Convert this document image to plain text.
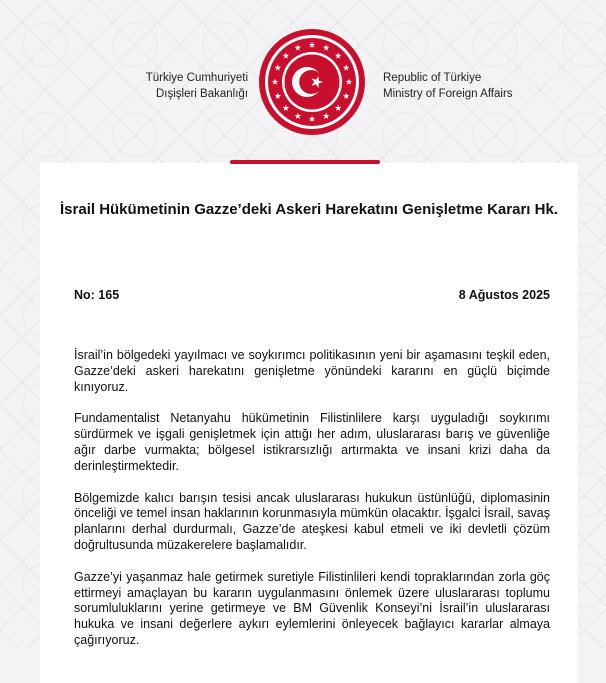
Türkiye Cumhuriyeti
Dışişleri Bakanlığı
Republic of Türkiye
Ministry of Foreign Affairs
İsrail Hükümetinin Gazze’deki Askeri Harekatını Genişletme Kararı Hk.
No: 165	8 Ağustos 2025

İsrail’in bölgedeki yayılmacı ve soykırımcı politikasının yeni bir aşamasını teşkil eden, Gazze’deki askeri harekatını genişletme yönündeki kararını en güçlü biçimde kınıyoruz.

Fundamentalist Netanyahu hükümetinin Filistinlilere karşı uyguladığı soykırımı sürdürmek ve işgali genişletmek için attığı her adım, uluslararası barış ve güvenliğe ağır darbe vurmakta; bölgesel istikrarsızlığı artırmakta ve insani krizi daha da derinleştirmektedir.

Bölgemizde kalıcı barışın tesisi ancak uluslararası hukukun üstünlüğü, diplomasinin önceliği ve temel insan haklarının korunmasıyla mümkün olacaktır. İşgalci İsrail, savaş planlarını derhal durdurmalı, Gazze’de ateşkesi kabul etmeli ve iki devletli çözüm doğrultusunda müzakerelere başlamalıdır.

Gazze’yi yaşanmaz hale getirmek suretiyle Filistinlileri kendi topraklarından zorla göç ettirmeyi amaçlayan bu kararın uygulanmasını önlemek üzere uluslararası toplumu sorumluluklarını yerine getirmeye ve BM Güvenlik Konseyi’ni İsrail’in uluslararası hukuka ve insani değerlere aykırı eylemlerini önleyecek bağlayıcı kararlar almaya çağırıyoruz.
